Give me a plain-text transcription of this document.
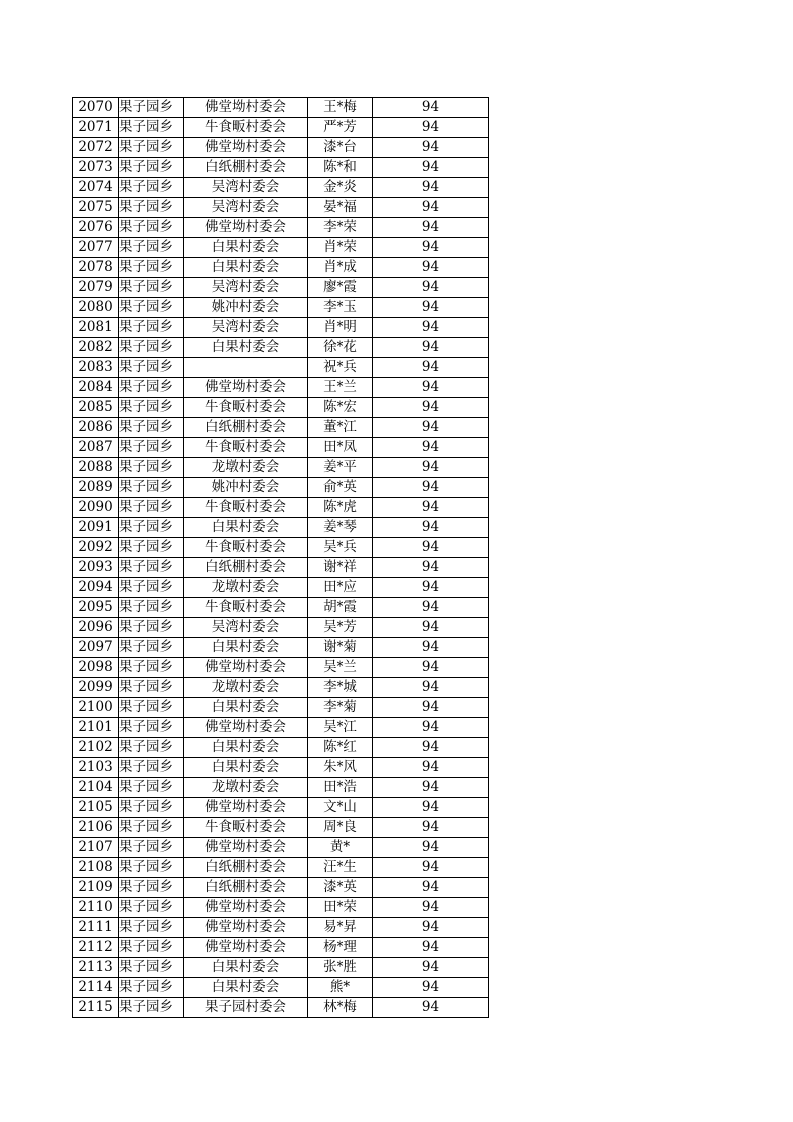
2070	果子园乡	佛堂坳村委会	王*梅	94
2071	果子园乡	牛食畈村委会	严*芳	94
2072	果子园乡	佛堂坳村委会	漆*台	94
2073	果子园乡	白纸棚村委会	陈*和	94
2074	果子园乡	吴湾村委会	金*炎	94
2075	果子园乡	吴湾村委会	晏*福	94
2076	果子园乡	佛堂坳村委会	李*荣	94
2077	果子园乡	白果村委会	肖*荣	94
2078	果子园乡	白果村委会	肖*成	94
2079	果子园乡	吴湾村委会	廖*霞	94
2080	果子园乡	姚冲村委会	李*玉	94
2081	果子园乡	吴湾村委会	肖*明	94
2082	果子园乡	白果村委会	徐*花	94
2083	果子园乡		祝*兵	94
2084	果子园乡	佛堂坳村委会	王*兰	94
2085	果子园乡	牛食畈村委会	陈*宏	94
2086	果子园乡	白纸棚村委会	董*江	94
2087	果子园乡	牛食畈村委会	田*凤	94
2088	果子园乡	龙墩村委会	姜*平	94
2089	果子园乡	姚冲村委会	俞*英	94
2090	果子园乡	牛食畈村委会	陈*虎	94
2091	果子园乡	白果村委会	姜*琴	94
2092	果子园乡	牛食畈村委会	吴*兵	94
2093	果子园乡	白纸棚村委会	谢*祥	94
2094	果子园乡	龙墩村委会	田*应	94
2095	果子园乡	牛食畈村委会	胡*霞	94
2096	果子园乡	吴湾村委会	吴*芳	94
2097	果子园乡	白果村委会	谢*菊	94
2098	果子园乡	佛堂坳村委会	吴*兰	94
2099	果子园乡	龙墩村委会	李*城	94
2100	果子园乡	白果村委会	李*菊	94
2101	果子园乡	佛堂坳村委会	吴*江	94
2102	果子园乡	白果村委会	陈*红	94
2103	果子园乡	白果村委会	朱*风	94
2104	果子园乡	龙墩村委会	田*浩	94
2105	果子园乡	佛堂坳村委会	文*山	94
2106	果子园乡	牛食畈村委会	周*良	94
2107	果子园乡	佛堂坳村委会	黄*	94
2108	果子园乡	白纸棚村委会	汪*生	94
2109	果子园乡	白纸棚村委会	漆*英	94
2110	果子园乡	佛堂坳村委会	田*荣	94
2111	果子园乡	佛堂坳村委会	易*昇	94
2112	果子园乡	佛堂坳村委会	杨*理	94
2113	果子园乡	白果村委会	张*胜	94
2114	果子园乡	白果村委会	熊*	94
2115	果子园乡	果子园村委会	林*梅	94
